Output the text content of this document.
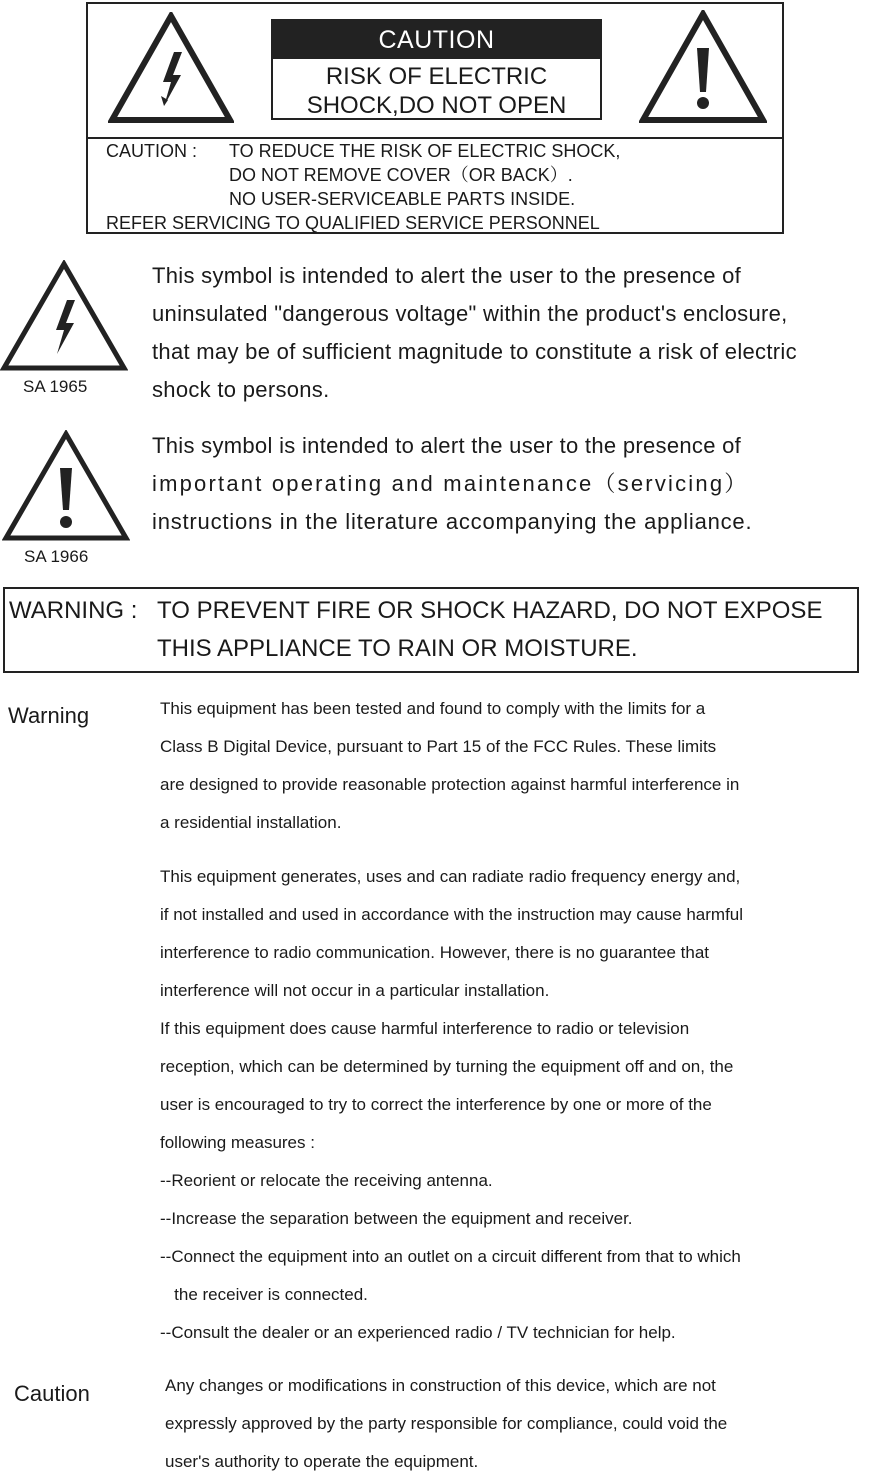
CAUTION
RISK OF ELECTRIC
SHOCK,DO NOT OPEN
CAUTION : TO REDUCE THE RISK OF ELECTRIC SHOCK,
DO NOT REMOVE COVER（OR BACK）.
NO USER-SERVICEABLE PARTS INSIDE.
REFER SERVICING TO QUALIFIED SERVICE PERSONNEL
SA 1965
This symbol is intended to alert the user to the presence of
uninsulated "dangerous voltage" within the product's enclosure,
that may be of sufficient magnitude to constitute a risk of electric
shock to persons.
SA 1966
This symbol is intended to alert the user to the presence of
important operating and maintenance（servicing）
instructions in the literature accompanying the appliance.
WARNING : TO PREVENT FIRE OR SHOCK HAZARD, DO NOT EXPOSE
THIS APPLIANCE TO RAIN OR MOISTURE.
Warning	This equipment has been tested and found to comply with the limits for a
Class B Digital Device, pursuant to Part 15 of the FCC Rules. These limits
are designed to provide reasonable protection against harmful interference in
a residential installation.
This equipment generates, uses and can radiate radio frequency energy and,
if not installed and used in accordance with the instruction may cause harmful
interference to radio communication. However, there is no guarantee that
interference will not occur in a particular installation.
If this equipment does cause harmful interference to radio or television
reception, which can be determined by turning the equipment off and on, the
user is encouraged to try to correct the interference by one or more of the
following measures :
--Reorient or relocate the receiving antenna.
--Increase the separation between the equipment and receiver.
--Connect the equipment into an outlet on a circuit different from that to which
the receiver is connected.
--Consult the dealer or an experienced radio / TV technician for help.
Caution	Any changes or modifications in construction of this device, which are not
expressly approved by the party responsible for compliance, could void the
user's authority to operate the equipment.
